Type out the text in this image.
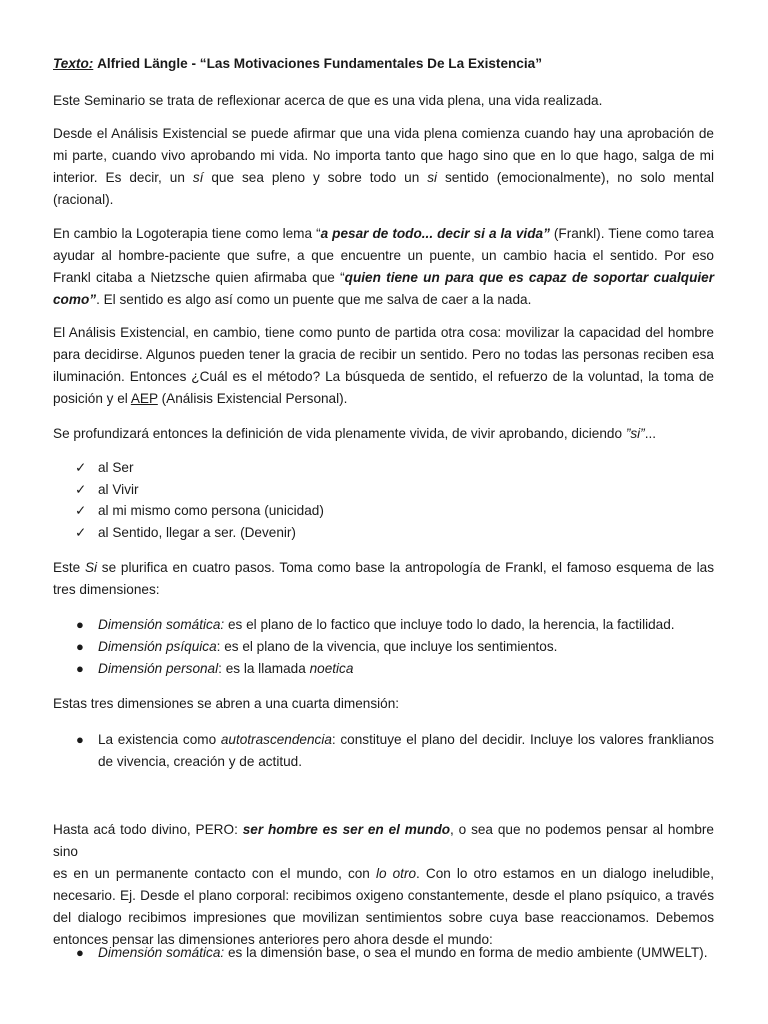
Texto: Alfried Längle - “Las Motivaciones Fundamentales De La Existencia”

Este Seminario se trata de reflexionar acerca de que es una vida plena, una vida realizada.

Desde el Análisis Existencial se puede afirmar que una vida plena comienza cuando hay una aprobación de
mi parte, cuando vivo aprobando mi vida. No importa tanto que hago sino que en lo que hago, salga de mi
interior. Es decir, un sí que sea pleno y sobre todo un si sentido (emocionalmente), no solo mental
(racional).

En cambio la Logoterapia tiene como lema “a pesar de todo... decir si a la vida” (Frankl). Tiene como tarea
ayudar al hombre-paciente que sufre, a que encuentre un puente, un cambio hacia el sentido. Por eso
Frankl citaba a Nietzsche quien afirmaba que “quien tiene un para que es capaz de soportar cualquier
como”. El sentido es algo así como un puente que me salva de caer a la nada.

El Análisis Existencial, en cambio, tiene como punto de partida otra cosa: movilizar la capacidad del hombre
para decidirse. Algunos pueden tener la gracia de recibir un sentido. Pero no todas las personas reciben esa
iluminación. Entonces ¿Cuál es el método? La búsqueda de sentido, el refuerzo de la voluntad, la toma de
posición y el AEP (Análisis Existencial Personal).

Se profundizará entonces la definición de vida plenamente vivida, de vivir aprobando, diciendo ”si”...

✓ al Ser
✓ al Vivir
✓ al mi mismo como persona (unicidad)
✓ al Sentido, llegar a ser. (Devenir)

Este Si se plurifica en cuatro pasos. Toma como base la antropología de Frankl, el famoso esquema de las
tres dimensiones:

● Dimensión somática: es el plano de lo factico que incluye todo lo dado, la herencia, la factilidad.
● Dimensión psíquica: es el plano de la vivencia, que incluye los sentimientos.
● Dimensión personal: es la llamada noetica

Estas tres dimensiones se abren a una cuarta dimensión:

● La existencia como autotrascendencia: constituye el plano del decidir. Incluye los valores franklianos
de vivencia, creación y de actitud.

Hasta acá todo divino, PERO: ser hombre es ser en el mundo, o sea que no podemos pensar al hombre sino
es en un permanente contacto con el mundo, con lo otro. Con lo otro estamos en un dialogo ineludible,
necesario. Ej. Desde el plano corporal: recibimos oxigeno constantemente, desde el plano psíquico, a través
del dialogo recibimos impresiones que movilizan sentimientos sobre cuya base reaccionamos. Debemos
entonces pensar las dimensiones anteriores pero ahora desde el mundo:

● Dimensión somática: es la dimensión base, o sea el mundo en forma de medio ambiente (UMWELT).
